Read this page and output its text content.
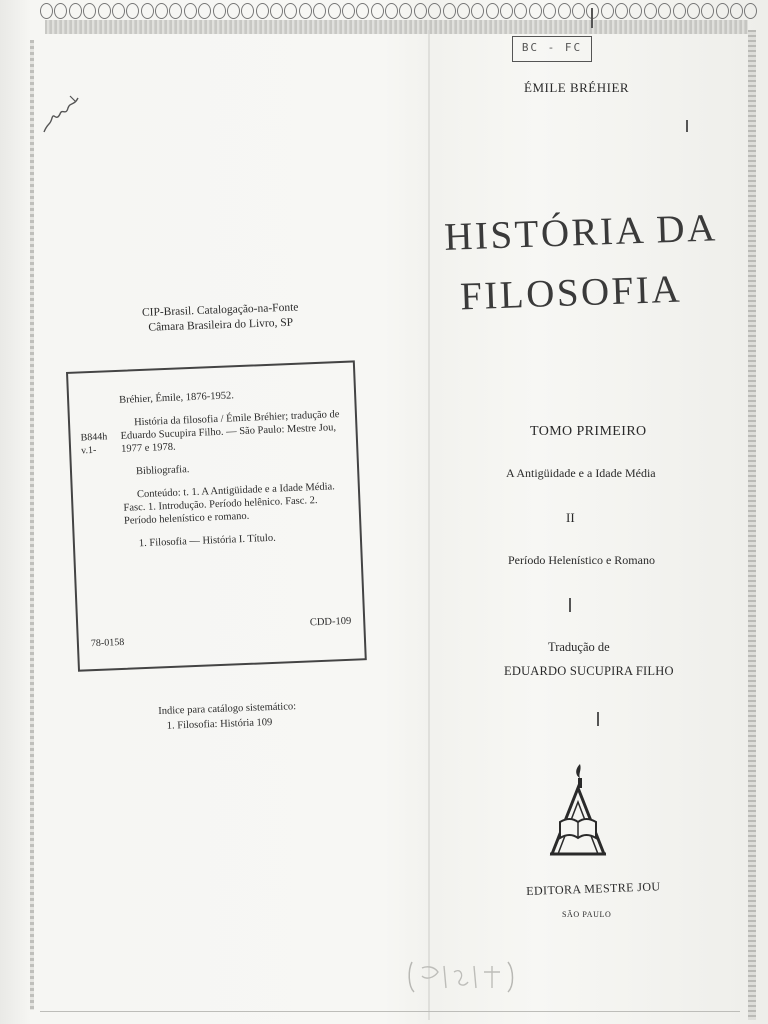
CIP-Brasil. Catalogação-na-Fonte
Câmara Brasileira do Livro, SP
B844h
v.1-

Bréhier, Émile, 1876-1952.

História da filosofia / Émile Bréhier; tradução de Eduardo Sucupira Filho. — São Paulo: Mestre Jou, 1977 e 1978.

Bibliografia.

Conteúdo: t. 1. A Antigüidade e a Idade Média. Fasc. 1. Introdução. Período helênico. Fasc. 2. Período helenístico e romano.

1. Filosofia — História I. Título.

78-0158
CDD-109
Indice para catálogo sistemático:
1. Filosofia: História 109
BC - FC
ÉMILE BRÉHIER
HISTÓRIA DA
FILOSOFIA
TOMO PRIMEIRO
A Antigüidade e a Idade Média
II
Período Helenístico e Romano
Tradução de
EDUARDO SUCUPIRA FILHO
EDITORA MESTRE JOU
SÃO PAULO
